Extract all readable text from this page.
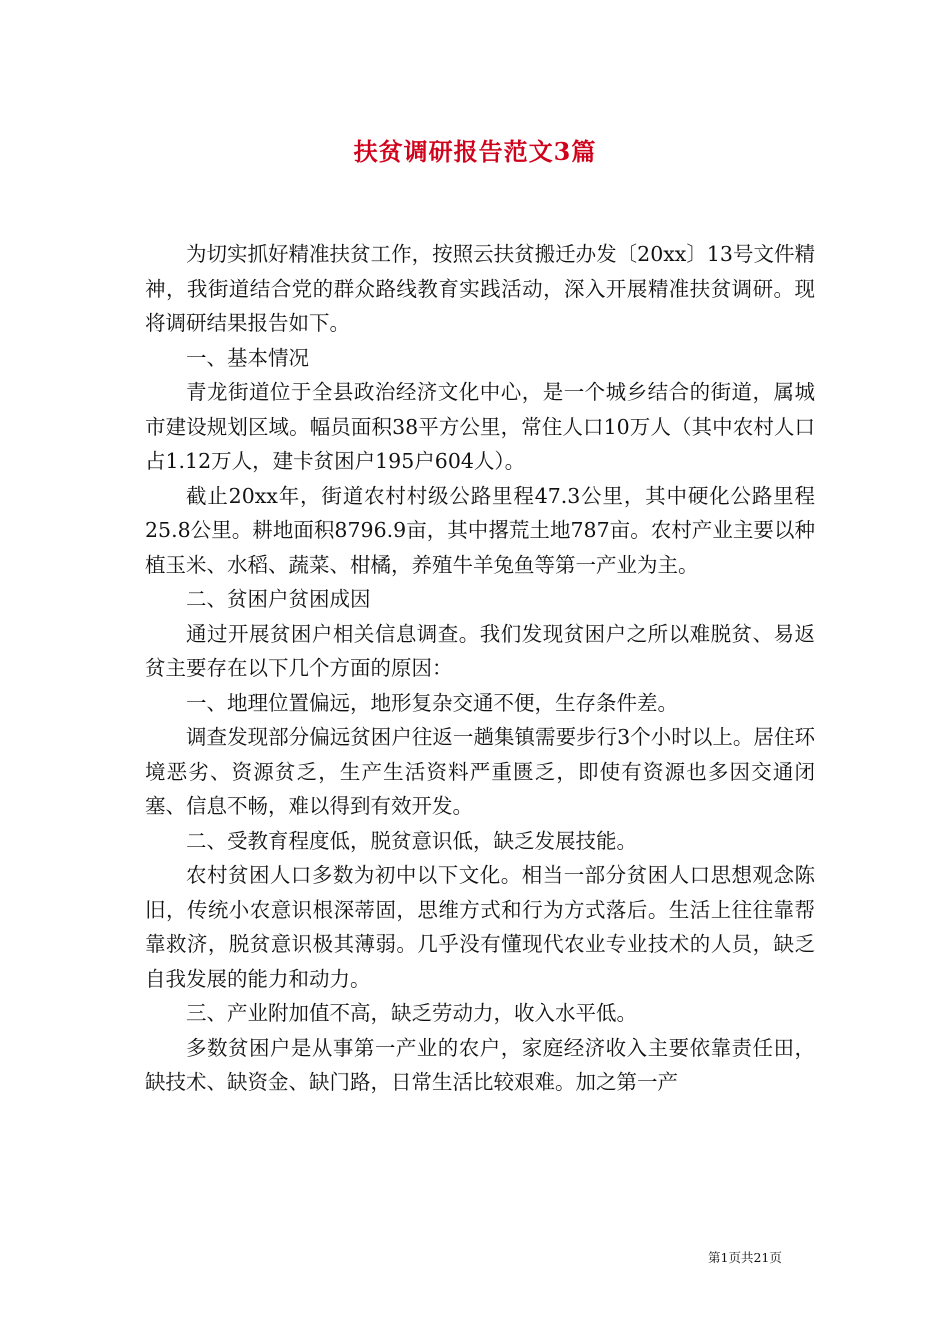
扶贫调研报告范文3篇

为切实抓好精准扶贫工作，按照云扶贫搬迁办发〔20xx〕13号文件精神，我街道结合党的群众路线教育实践活动，深入开展精准扶贫调研。现将调研结果报告如下。

一、基本情况

青龙街道位于全县政治经济文化中心，是一个城乡结合的街道，属城市建设规划区域。幅员面积38平方公里，常住人口10万人（其中农村人口占1.12万人，建卡贫困户195户604人）。

截止20xx年，街道农村村级公路里程47.3公里，其中硬化公路里程25.8公里。耕地面积8796.9亩，其中撂荒土地787亩。农村产业主要以种植玉米、水稻、蔬菜、柑橘，养殖牛羊兔鱼等第一产业为主。

二、贫困户贫困成因

通过开展贫困户相关信息调查。我们发现贫困户之所以难脱贫、易返贫主要存在以下几个方面的原因：

一、地理位置偏远，地形复杂交通不便，生存条件差。

调查发现部分偏远贫困户往返一趟集镇需要步行3个小时以上。居住环境恶劣、资源贫乏，生产生活资料严重匮乏，即使有资源也多因交通闭塞、信息不畅，难以得到有效开发。

二、受教育程度低，脱贫意识低，缺乏发展技能。

农村贫困人口多数为初中以下文化。相当一部分贫困人口思想观念陈旧，传统小农意识根深蒂固，思维方式和行为方式落后。生活上往往靠帮靠救济，脱贫意识极其薄弱。几乎没有懂现代农业专业技术的人员，缺乏自我发展的能力和动力。

三、产业附加值不高，缺乏劳动力，收入水平低。

多数贫困户是从事第一产业的农户，家庭经济收入主要依靠责任田，缺技术、缺资金、缺门路，日常生活比较艰难。加之第一产

第1页共21页
